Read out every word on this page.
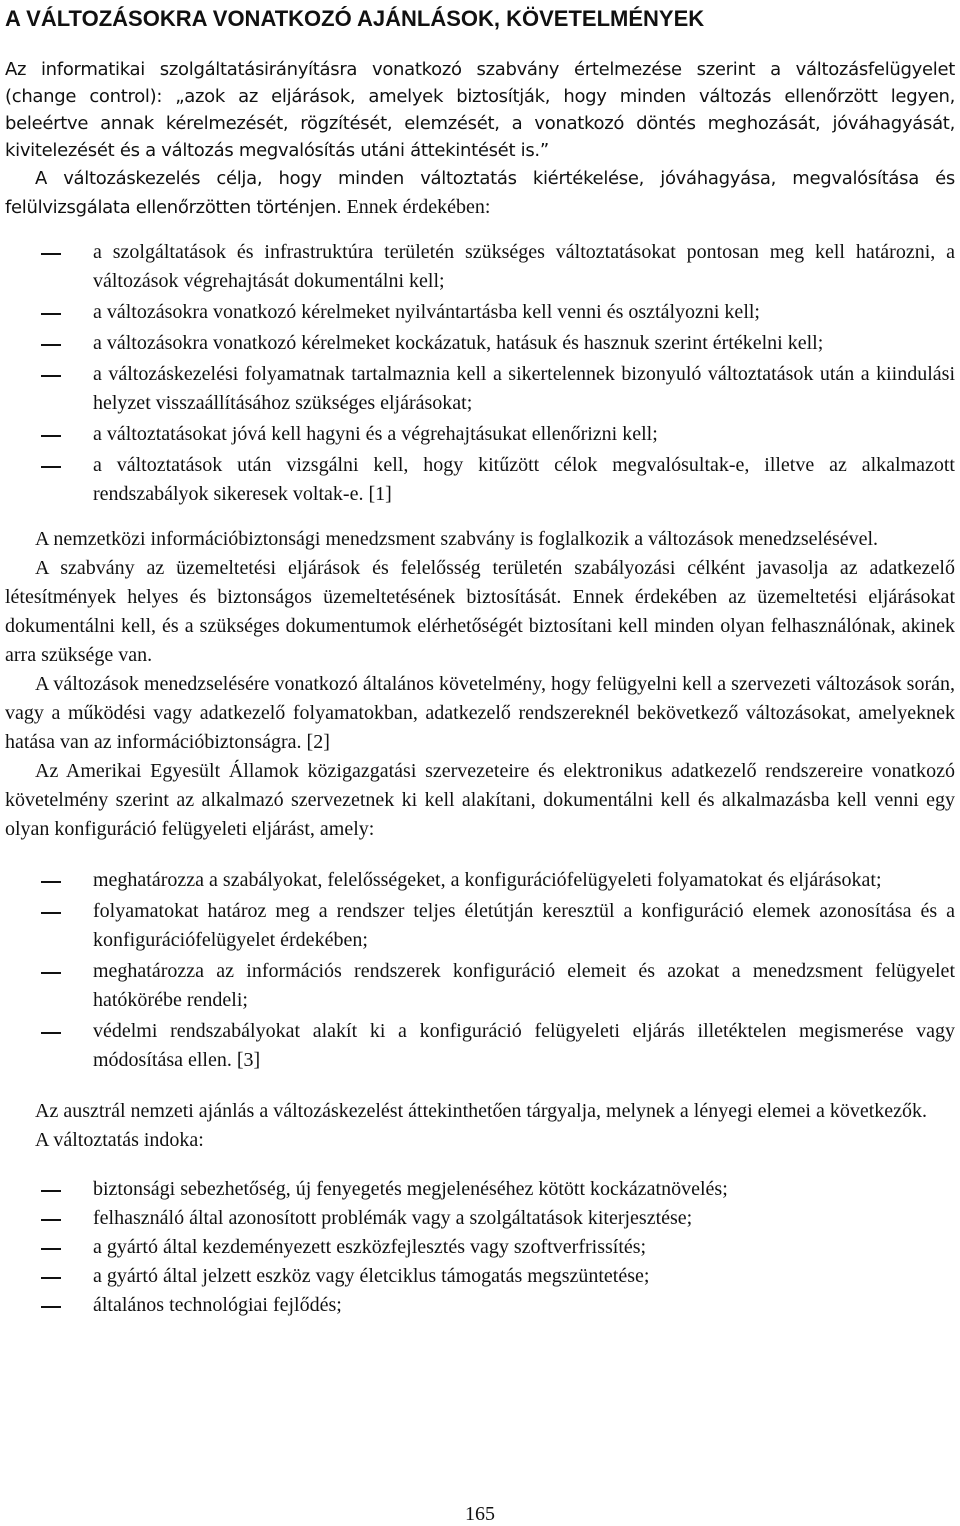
A VÁLTOZÁSOKRA VONATKOZÓ AJÁNLÁSOK, KÖVETELMÉNYEK

Az informatikai szolgáltatásirányításra vonatkozó szabvány értelmezése szerint a változásfelügyelet (change control): „azok az eljárások, amelyek biztosítják, hogy minden változás ellenőrzött legyen, beleértve annak kérelmezését, rögzítését, elemzését, a vonatkozó döntés meghozását, jóváhagyását, kivitelezését és a változás megvalósítás utáni áttekintését is.”

A változáskezelés célja, hogy minden változtatás kiértékelése, jóváhagyása, megvalósítása és felülvizsgálata ellenőrzötten történjen. Ennek érdekében:

a szolgáltatások és infrastruktúra területén szükséges változtatásokat pontosan meg kell határozni, a változások végrehajtását dokumentálni kell;
a változásokra vonatkozó kérelmeket nyilvántartásba kell venni és osztályozni kell;
a változásokra vonatkozó kérelmeket kockázatuk, hatásuk és hasznuk szerint értékelni kell;
a változáskezelési folyamatnak tartalmaznia kell a sikertelennek bizonyuló változtatások után a kiindulási helyzet visszaállításához szükséges eljárásokat;
a változtatásokat jóvá kell hagyni és a végrehajtásukat ellenőrizni kell;
a változtatások után vizsgálni kell, hogy kitűzött célok megvalósultak-e, illetve az alkalmazott rendszabályok sikeresek voltak-e. [1]

A nemzetközi információbiztonsági menedzsment szabvány is foglalkozik a változások menedzselésével.

A szabvány az üzemeltetési eljárások és felelősség területén szabályozási célként javasolja az adatkezelő létesítmények helyes és biztonságos üzemeltetésének biztosítását. Ennek érdekében az üzemeltetési eljárásokat dokumentálni kell, és a szükséges dokumentumok elérhetőségét biztosítani kell minden olyan felhasználónak, akinek arra szüksége van.

A változások menedzselésére vonatkozó általános követelmény, hogy felügyelni kell a szervezeti változások során, vagy a működési vagy adatkezelő folyamatokban, adatkezelő rendszereknél bekövetkező változásokat, amelyeknek hatása van az információbiztonságra. [2]

Az Amerikai Egyesült Államok közigazgatási szervezeteire és elektronikus adatkezelő rendszereire vonatkozó követelmény szerint az alkalmazó szervezetnek ki kell alakítani, dokumentálni kell és alkalmazásba kell venni egy olyan konfiguráció felügyeleti eljárást, amely:

meghatározza a szabályokat, felelősségeket, a konfigurációfelügyeleti folyamatokat és eljárásokat;
folyamatokat határoz meg a rendszer teljes életútján keresztül a konfiguráció elemek azonosítása és a konfigurációfelügyelet érdekében;
meghatározza az információs rendszerek konfiguráció elemeit és azokat a menedzsment felügyelet hatókörébe rendeli;
védelmi rendszabályokat alakít ki a konfiguráció felügyeleti eljárás illetéktelen megismerése vagy módosítása ellen. [3]

Az ausztrál nemzeti ajánlás a változáskezelést áttekinthetően tárgyalja, melynek a lényegi elemei a következők.

A változtatás indoka:

biztonsági sebezhetőség, új fenyegetés megjelenéséhez kötött kockázatnövelés;
felhasználó által azonosított problémák vagy a szolgáltatások kiterjesztése;
a gyártó által kezdeményezett eszközfejlesztés vagy szoftverfrissítés;
a gyártó által jelzett eszköz vagy életciklus támogatás megszüntetése;
általános technológiai fejlődés;
165
